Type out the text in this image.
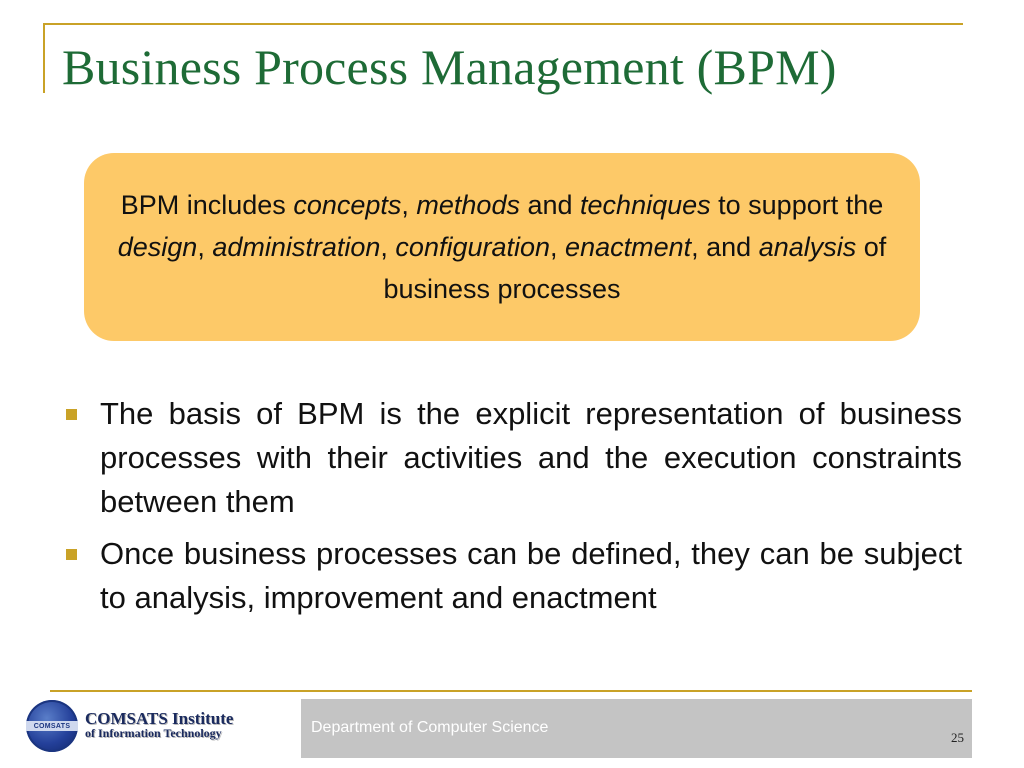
Business Process Management (BPM)

BPM includes concepts, methods and techniques to support the design, administration, configuration, enactment, and analysis of business processes

The basis of BPM is the explicit representation of business processes with their activities and the execution constraints between them
Once business processes can be defined, they can be subject to analysis, improvement and enactment
COMSATS COMSATS Institute
of Information Technology	Department of Computer Science
25
